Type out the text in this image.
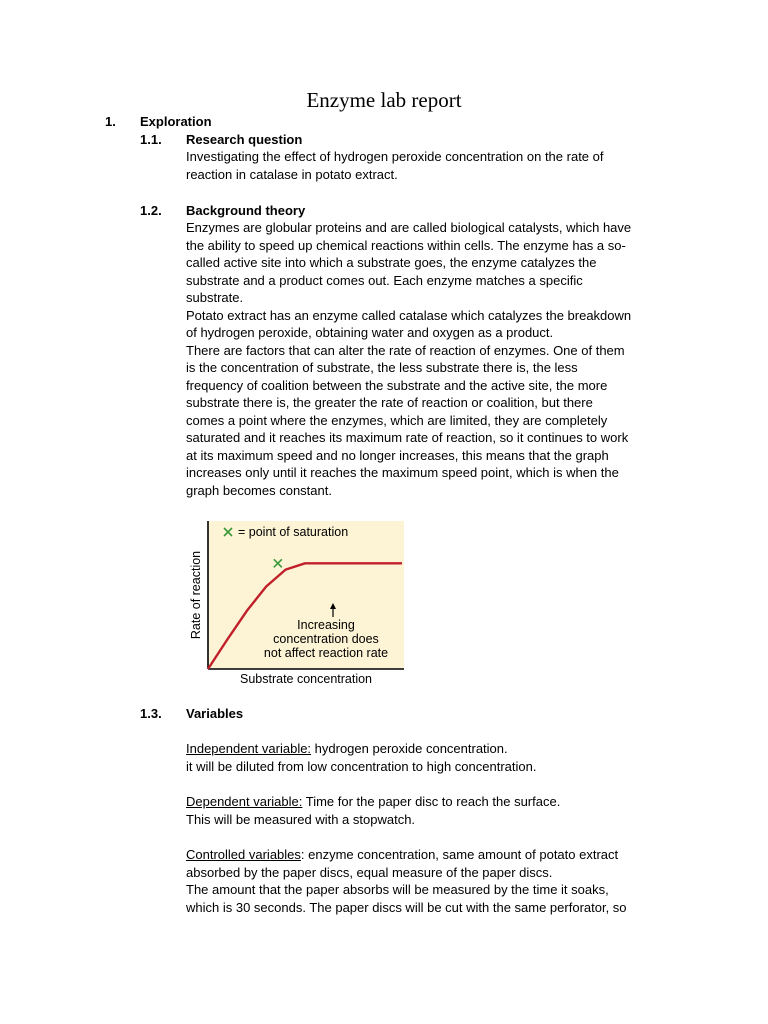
Enzyme lab report
1. Exploration
1.1. Research question
Investigating the effect of hydrogen peroxide concentration on the rate of
reaction in catalase in potato extract.
1.2. Background theory
Enzymes are globular proteins and are called biological catalysts, which have
the ability to speed up chemical reactions within cells. The enzyme has a so-
called active site into which a substrate goes, the enzyme catalyzes the
substrate and a product comes out. Each enzyme matches a specific
substrate.
Potato extract has an enzyme called catalase which catalyzes the breakdown
of hydrogen peroxide, obtaining water and oxygen as a product.
There are factors that can alter the rate of reaction of enzymes. One of them
is the concentration of substrate, the less substrate there is, the less
frequency of coalition between the substrate and the active site, the more
substrate there is, the greater the rate of reaction or coalition, but there
comes a point where the enzymes, which are limited, they are completely
saturated and it reaches its maximum rate of reaction, so it continues to work
at its maximum speed and no longer increases, this means that the graph
increases only until it reaches the maximum speed point, which is when the
graph becomes constant.
= point of saturation
Increasing
concentration does
not affect reaction rate
Substrate concentration
Rate of reaction
1.3. Variables
Independent variable: hydrogen peroxide concentration.
it will be diluted from low concentration to high concentration.
Dependent variable: Time for the paper disc to reach the surface.
This will be measured with a stopwatch.
Controlled variables: enzyme concentration, same amount of potato extract
absorbed by the paper discs, equal measure of the paper discs.
The amount that the paper absorbs will be measured by the time it soaks,
which is 30 seconds. The paper discs will be cut with the same perforator, so
